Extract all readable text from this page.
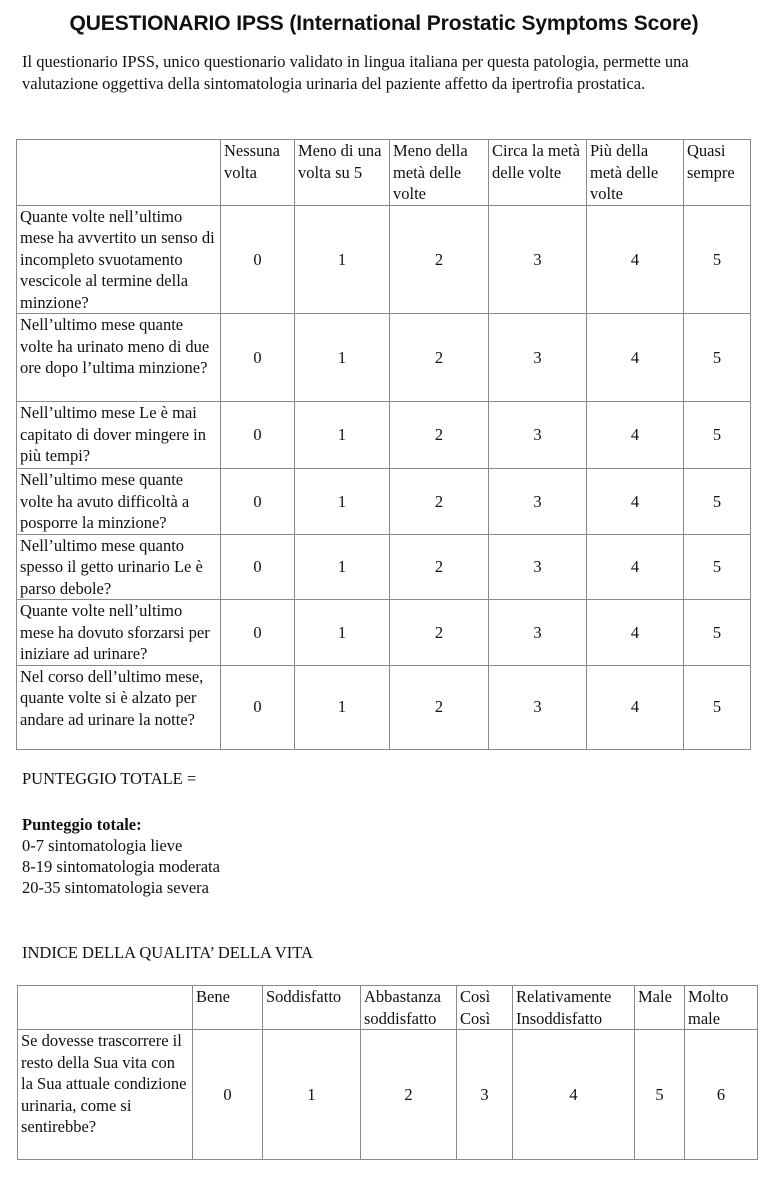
QUESTIONARIO IPSS (International Prostatic Symptoms Score)
Il questionario IPSS, unico questionario validato in lingua italiana per questa patologia, permette una valutazione oggettiva della sintomatologia urinaria del paziente affetto da ipertrofia prostatica.
	Nessuna volta	Meno di una volta su 5	Meno della metà delle volte	Circa la metà delle volte	Più della metà delle volte	Quasi sempre
Quante volte nell’ultimo mese ha avvertito un senso di incompleto svuotamento vescicole al termine della minzione?	0	1	2	3	4	5
Nell’ultimo mese quante volte ha urinato meno di due ore dopo l’ultima minzione?	0	1	2	3	4	5
Nell’ultimo mese Le è mai capitato di dover mingere in più tempi?	0	1	2	3	4	5
Nell’ultimo mese quante volte ha avuto difficoltà a posporre la minzione?	0	1	2	3	4	5
Nell’ultimo mese quanto spesso il getto urinario Le è parso debole?	0	1	2	3	4	5
Quante volte nell’ultimo mese ha dovuto sforzarsi per iniziare ad urinare?	0	1	2	3	4	5
Nel corso dell’ultimo mese, quante volte si è alzato per andare ad urinare la notte?	0	1	2	3	4	5
PUNTEGGIO TOTALE =
Punteggio totale:
0-7 sintomatologia lieve
8-19 sintomatologia moderata
20-35 sintomatologia severa
INDICE DELLA QUALITA’ DELLA VITA
	Bene	Soddisfatto	Abbastanza soddisfatto	Così Così	Relativamente Insoddisfatto	Male	Molto male
Se dovesse trascorrere il resto della Sua vita con la Sua attuale condizione urinaria, come si sentirebbe?	0	1	2	3	4	5	6
